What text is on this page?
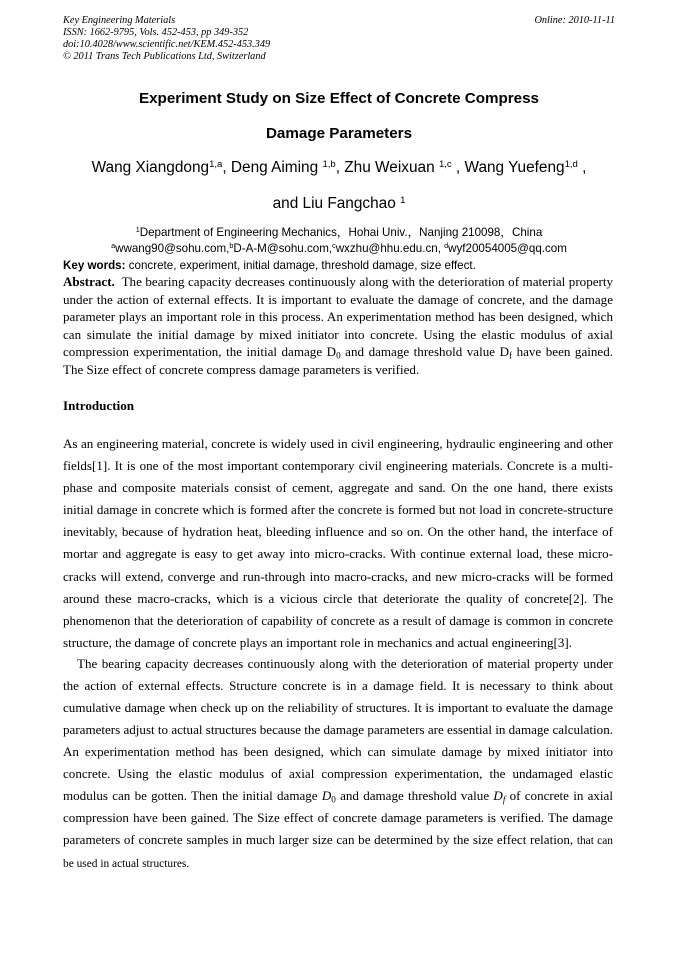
Key Engineering Materials
ISSN: 1662-9795, Vols. 452-453, pp 349-352
doi:10.4028/www.scientific.net/KEM.452-453.349
© 2011 Trans Tech Publications Ltd, Switzerland
Online: 2010-11-11
Experiment Study on Size Effect of Concrete Compress
Damage Parameters
Wang Xiangdong$^{1,a}$, Deng Aiming $^{1,b}$, Zhu Weixuan $^{1,c}$ , Wang Yuefeng$^{1,d}$ ,
and Liu Fangchao $^1$
$^1$Department of Engineering Mechanics，Hohai Univ.，Nanjing 210098，China
$^a$wwang90@sohu.com,$^b$D-A-M@sohu.com,$^c$wxzhu@hhu.edu.cn, $^d$wyf20054005@qq.com
Key words: concrete, experiment, initial damage, threshold damage, size effect.
Abstract.  The bearing capacity decreases continuously along with the deterioration of material property under the action of external effects. It is important to evaluate the damage of concrete, and the damage parameter plays an important role in this process. An experimentation method has been designed, which can simulate the initial damage by mixed initiator into concrete. Using the elastic modulus of axial compression experimentation, the initial damage $D_0$ and damage threshold value $D_f$ have been gained. The Size effect of concrete compress damage parameters is verified.
Introduction
As an engineering material, concrete is widely used in civil engineering, hydraulic engineering and other fields[1]. It is one of the most important contemporary civil engineering materials. Concrete is a multi-phase and composite materials consist of cement, aggregate and sand. On the one hand, there exists initial damage in concrete which is formed after the concrete is formed but not load in concrete-structure inevitably, because of hydration heat, bleeding influence and so on. On the other hand, the interface of mortar and aggregate is easy to get away into micro-cracks. With continue external load, these micro-cracks will extend, converge and run-through into macro-cracks, and new micro-cracks will be formed around these macro-cracks, which is a vicious circle that deteriorate the quality of concrete[2]. The phenomenon that the deterioration of capability of concrete as a result of damage is common in concrete structure, the damage of concrete plays an important role in mechanics and actual engineering[3].
The bearing capacity decreases continuously along with the deterioration of material property under the action of external effects. Structure concrete is in a damage field. It is necessary to think about cumulative damage when check up on the reliability of structures. It is important to evaluate the damage parameters adjust to actual structures because the damage parameters are essential in damage calculation. An experimentation method has been designed, which can simulate damage by mixed initiator into concrete. Using the elastic modulus of axial compression experimentation, the undamaged elastic modulus can be gotten. Then the initial damage $D_0$ and damage threshold value $D_f$ of concrete in axial compression have been gained. The Size effect of concrete damage parameters is verified. The damage parameters of concrete samples in much larger size can be determined by the size effect relation, that can be used in actual structures.
